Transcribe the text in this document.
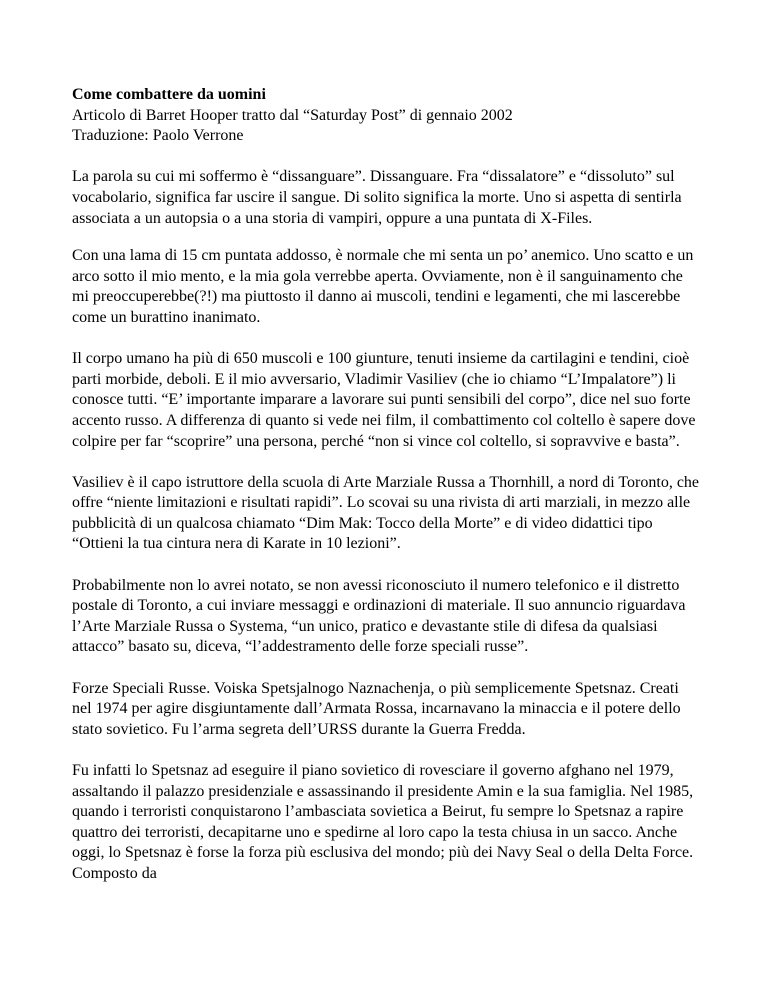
Come combattere da uomini

Articolo di Barret Hooper tratto dal “Saturday Post” di gennaio 2002

Traduzione: Paolo Verrone

La parola su cui mi soffermo è “dissanguare”. Dissanguare. Fra “dissalatore” e “dissoluto” sul vocabolario, significa far uscire il sangue. Di solito significa la morte. Uno si aspetta di sentirla associata a un autopsia o a una storia di vampiri, oppure a una puntata di X-Files.

Con una lama di 15 cm puntata addosso, è normale che mi senta un po’ anemico. Uno scatto e un arco sotto il mio mento, e la mia gola verrebbe aperta. Ovviamente, non è il sanguinamento che mi preoccuperebbe(?!) ma piuttosto il danno ai muscoli, tendini e legamenti, che mi lascerebbe come un burattino inanimato.

Il corpo umano ha più di 650 muscoli e 100 giunture, tenuti insieme da cartilagini e tendini, cioè parti morbide, deboli. E il mio avversario, Vladimir Vasiliev (che io chiamo “L’Impalatore”) li conosce tutti. “E’ importante imparare a lavorare sui punti sensibili del corpo”, dice nel suo forte accento russo. A differenza di quanto si vede nei film, il combattimento col coltello è sapere dove colpire per far “scoprire” una persona, perché “non si vince col coltello, si sopravvive e basta”.

Vasiliev è il capo istruttore della scuola di Arte Marziale Russa a Thornhill, a nord di Toronto, che offre “niente limitazioni e risultati rapidi”. Lo scovai su una rivista di arti marziali, in mezzo alle pubblicità di un qualcosa chiamato “Dim Mak: Tocco della Morte” e di video didattici tipo “Ottieni la tua cintura nera di Karate in 10 lezioni”.

Probabilmente non lo avrei notato, se non avessi riconosciuto il numero telefonico e il distretto postale di Toronto, a cui inviare messaggi e ordinazioni di materiale. Il suo annuncio riguardava l’Arte Marziale Russa o Systema, “un unico, pratico e devastante stile di difesa da qualsiasi attacco” basato su, diceva, “l’addestramento delle forze speciali russe”.

Forze Speciali Russe. Voiska Spetsjalnogo Naznachenja, o più semplicemente Spetsnaz. Creati nel 1974 per agire disgiuntamente dall’Armata Rossa, incarnavano la minaccia e il potere dello stato sovietico. Fu l’arma segreta dell’URSS durante la Guerra Fredda.

Fu infatti lo Spetsnaz ad eseguire il piano sovietico di rovesciare il governo afghano nel 1979, assaltando il palazzo presidenziale e assassinando il presidente Amin e la sua famiglia. Nel 1985, quando i terroristi conquistarono l’ambasciata sovietica a Beirut, fu sempre lo Spetsnaz a rapire quattro dei terroristi, decapitarne uno e spedirne al loro capo la testa chiusa in un sacco. Anche oggi, lo Spetsnaz è forse la forza più esclusiva del mondo; più dei Navy Seal o della Delta Force. Composto da
